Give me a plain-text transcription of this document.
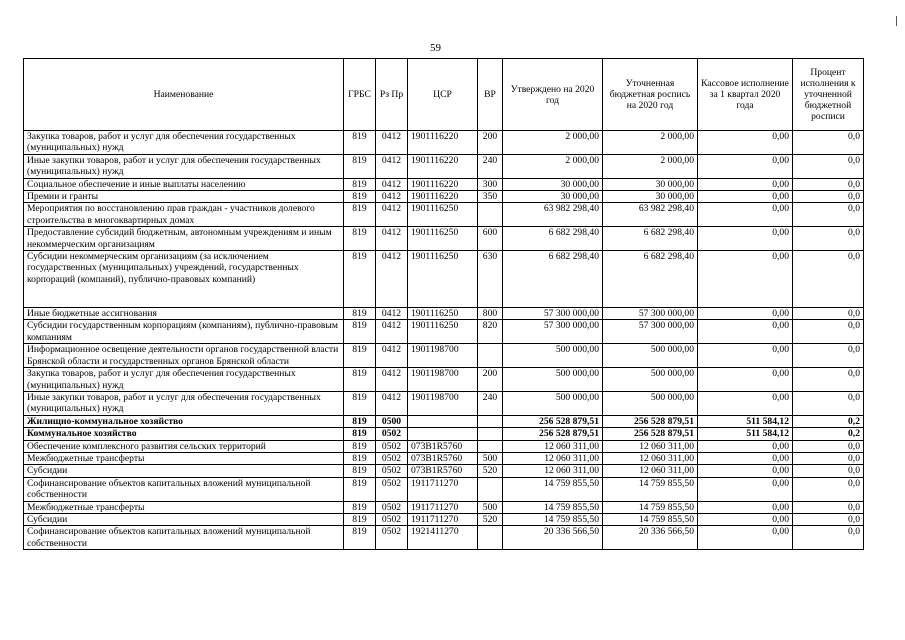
59
Наименование	ГРБС	Рз Пр	ЦСР	ВР	Утверждено на 2020 год	Уточненная бюджетная роспись на 2020 год	Кассовое исполнение за 1 квартал 2020 года	Процент исполнения к уточненной бюджетной росписи
Закупка товаров, работ и услуг для обеспечения государственных (муниципальных) нужд	819	0412	1901116220	200	2 000,00	2 000,00	0,00	0,0
Иные закупки товаров, работ и услуг для обеспечения государственных (муниципальных) нужд	819	0412	1901116220	240	2 000,00	2 000,00	0,00	0,0
Социальное обеспечение и иные выплаты населению	819	0412	1901116220	300	30 000,00	30 000,00	0,00	0,0
Премии и гранты	819	0412	1901116220	350	30 000,00	30 000,00	0,00	0,0
Мероприятия по восстановлению прав граждан - участников долевого строительства в многоквартирных домах	819	0412	1901116250		63 982 298,40	63 982 298,40	0,00	0,0
Предоставление субсидий бюджетным, автономным учреждениям и иным некоммерческим организациям	819	0412	1901116250	600	6 682 298,40	6 682 298,40	0,00	0,0
Субсидии некоммерческим организациям (за исключением государственных (муниципальных) учреждений, государственных корпораций (компаний), публично-правовых компаний)	819	0412	1901116250	630	6 682 298,40	6 682 298,40	0,00	0,0
Иные бюджетные ассигнования	819	0412	1901116250	800	57 300 000,00	57 300 000,00	0,00	0,0
Субсидии государственным корпорациям (компаниям), публично-правовым компаниям	819	0412	1901116250	820	57 300 000,00	57 300 000,00	0,00	0,0
Информационное освещение деятельности органов государственной власти Брянской области и государственных органов Брянской области	819	0412	1901198700		500 000,00	500 000,00	0,00	0,0
Закупка товаров, работ и услуг для обеспечения государственных (муниципальных) нужд	819	0412	1901198700	200	500 000,00	500 000,00	0,00	0,0
Иные закупки товаров, работ и услуг для обеспечения государственных (муниципальных) нужд	819	0412	1901198700	240	500 000,00	500 000,00	0,00	0,0
Жилищно-коммунальное хозяйство	819	0500			256 528 879,51	256 528 879,51	511 584,12	0,2
Коммунальное хозяйство	819	0502			256 528 879,51	256 528 879,51	511 584,12	0,2
Обеспечение комплексного развития сельских территорий	819	0502	073B1R5760		12 060 311,00	12 060 311,00	0,00	0,0
Межбюджетные трансферты	819	0502	073B1R5760	500	12 060 311,00	12 060 311,00	0,00	0,0
Субсидии	819	0502	073B1R5760	520	12 060 311,00	12 060 311,00	0,00	0,0
Софинансирование объектов капитальных вложений муниципальной собственности	819	0502	1911711270		14 759 855,50	14 759 855,50	0,00	0,0
Межбюджетные трансферты	819	0502	1911711270	500	14 759 855,50	14 759 855,50	0,00	0,0
Субсидии	819	0502	1911711270	520	14 759 855,50	14 759 855,50	0,00	0,0
Софинансирование объектов капитальных вложений муниципальной собственности	819	0502	1921411270		20 336 566,50	20 336 566,50	0,00	0,0
